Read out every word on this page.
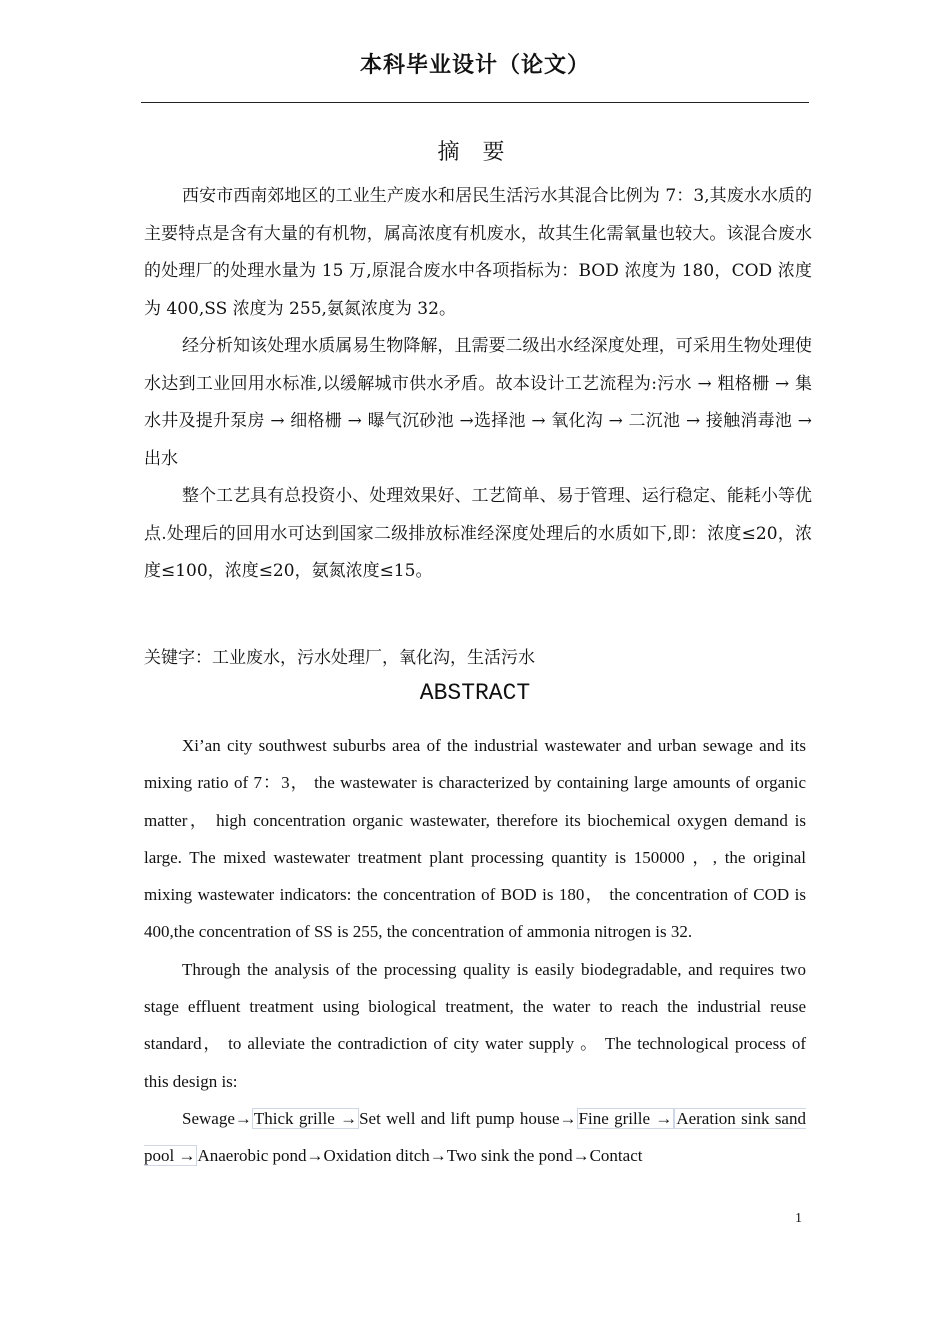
本科毕业设计（论文）
摘 要

西安市西南郊地区的工业生产废水和居民生活污水其混合比例为 7：3,其废水水质的主要特点是含有大量的有机物，属高浓度有机废水，故其生化需氧量也较大。该混合废水的处理厂的处理水量为 15 万,原混合废水中各项指标为：BOD 浓度为 180，COD 浓度为 400,SS 浓度为 255,氨氮浓度为 32。

经分析知该处理水质属易生物降解，且需要二级出水经深度处理，可采用生物处理使水达到工业回用水标准,以缓解城市供水矛盾。故本设计工艺流程为:污水 → 粗格栅 → 集水井及提升泵房 → 细格栅 → 曝气沉砂池 →选择池 → 氧化沟 → 二沉池 → 接触消毒池 → 出水

整个工艺具有总投资小、处理效果好、工艺简单、易于管理、运行稳定、能耗小等优点.处理后的回用水可达到国家二级排放标准经深度处理后的水质如下,即：浓度≤20，浓度≤100，浓度≤20，氨氮浓度≤15。

关键字：工业废水，污水处理厂，氧化沟，生活污水
ABSTRACT

Xi’an city southwest suburbs area of the industrial wastewater and urban sewage and its mixing ratio of 7：3， the wastewater is characterized by containing large amounts of organic matter， high concentration organic wastewater, therefore its biochemical oxygen demand is large. The mixed wastewater treatment plant processing quantity is 150000 ，, the original mixing wastewater indicators: the concentration of BOD is 180， the concentration of COD is 400,the concentration of SS is 255, the concentration of ammonia nitrogen is 32.

Through the analysis of the processing quality is easily biodegradable, and requires two stage effluent treatment using biological treatment, the water to reach the industrial reuse standard， to alleviate the contradiction of city water supply 。 The technological process of this design is:

Sewage→ Thick grille → Set well and lift pump house→ Fine grille → Aeration sink sand pool → Anaerobic pond→Oxidation ditch→Two sink the pond→Contact

1
